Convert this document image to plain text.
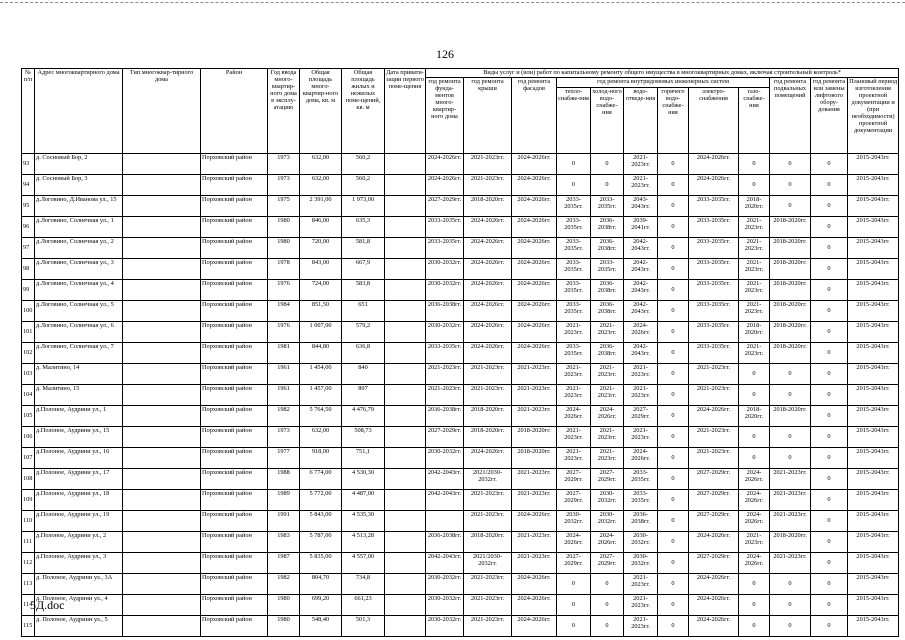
126
№ п/п	Адрес многоквартирного дома	Тип многоквар-тирного дома	Район	Год ввода много-квартир-ного дома в эксплу-атацию	Общая площадь много-квартир-ного дома, кв. м	Общая площадь жилых и нежилых поме-щений, кв. м	Дата привати-зации первого поме-щения	Виды услуг и (или) работ по капитальному ремонту общего имущества в многоквартирных домах, включая строительный контроль*											
								год ремонта фунда-ментов много-квартир-ного дома	год ремонта крыши	год ремонта фасадов	год ремонта внутридомовых инженерных систем						год ремонта подвальных помещений	год ремонта или замены лифтового обору-дования	Плановый период изготовления проектной документации и (при необходимости) проектной документации
											тепло-снабже-ния	холод-ного водо-снабже-ния	водо-отведе-ния	горячего водо-снабже-ния	электро-снабжения	газо-снабже-ния			
93	д. Сосновый Бор, 2		Порховский район	1973	632,00	560,2		2024-2026гг.	2021-2023гг.	2024-2026гг.	0	0	2021-2023гг.	0	2024-2026гг.	0	0	0	2015-2043гг.
94	д. Сосновый Бор, 3		Порховский район	1973	632,00	560,2		2024-2026гг.	2021-2023гг.	2024-2026гг.	0	0	2021-2023гг.	0	2024-2026гг.	0	0	0	2015-2043гг.
95	д.Логовино, Д.Иванова ул., 15		Порховский район	1975	2 391,00	1 973,00		2027-2029гг.	2018-2020гг.	2024-2026гг.	2033-2035гг.	2033-2035гг.	2043-2043гг.	0	2033-2035гг.	2018-2020гг.	0	0	2015-2043гг.
96	д.Логовино, Солнечная ул., 1		Порховский район	1980	846,00	635,3		2033-2035гг.	2024-2026гг.	2024-2026гг.	2033-2035гг.	2036-2038гг.	2039-2041гг.	0	2033-2035гг.	2021-2023гг.	2018-2020гг.	0	2015-2043гг.
97	д.Логовино, Солнечная ул., 2		Порховский район	1980	720,00	581,8		2033-2035гг.	2024-2026гг.	2024-2026гг.	2033-2035гг.	2036-2038гг.	2042-2043гг.	0	2033-2035гг.	2021-2023гг.	2018-2020гг.	0	2015-2043гг.
98	д.Логовино, Солнечная ул., 3		Порховский район	1978	843,00	667,9		2030-2032гг.	2024-2026гг.	2024-2026гг.	2033-2035гг.	2033-2035гг.	2042-2043гг.	0	2033-2035гг.	2021-2023гг.	2018-2020гг.	0	2015-2043гг.
99	д.Логовино, Солнечная ул., 4		Порховский район	1976	724,00	583,8		2030-2032гг.	2024-2026гг.	2024-2026гг.	2033-2035гг.	2036-2038гг.	2042-2043гг.	0	2033-2035гг.	2021-2023гг.	2018-2020гг.	0	2015-2043гг.
100	д.Логовино, Солнечная ул., 5		Порховский район	1984	851,50	651		2036-2038гг.	2024-2026гг.	2024-2026гг.	2033-2035гг.	2036-2038гг.	2042-2043гг.	0	2033-2035гг.	2021-2023гг.	2018-2020гг.	0	2015-2043гг.
101	д.Логовино, Солнечная ул., 6		Порховский район	1976	1 007,00	579,2		2030-2032гг.	2024-2026гг.	2024-2026гг.	2021-2023гг.	2021-2023гг.	2024-2026гг.	0	2033-2035гг.	2018-2020гг.	2018-2020гг.	0	2015-2043гг.
102	д.Логовино, Солнечная ул., 7		Порховский район	1981	844,80	636,8		2033-2035гг.	2024-2026гг.	2024-2026гг.	2033-2035гг.	2036-2038гг.	2042-2043гг.	0	2033-2035гг.	2021-2023гг.	2018-2020гг.	0	2015-2043гг.
103	д. Малитино, 14		Порховский район	1961	1 454,00	840		2021-2023гг.	2021-2023гг.	2021-2023гг.	2021-2023гг.	2021-2023гг.	2021-2023гг.	0	2021-2023гг.	0	0	0	2015-2043гг.
104	д. Малитино, 15		Порховский район	1961	1 457,00	897		2021-2023гг.	2021-2023гг.	2021-2023гг.	2021-2023гг.	2021-2023гг.	2021-2023гг.	0	2021-2023гг.	0	0	0	2015-2043гг.
105	д.Полоное, Аудрини ул., 1		Порховский район	1982	5 764,50	4 476,79		2036-2038гг.	2018-2020гг.	2021-2023гг.	2024-2026гг.	2024-2026гг.	2027-2029гг.	0	2024-2026гг.	2018-2020гг.	2018-2020гг.	0	2015-2043гг.
106	д.Полоное, Аудрини ул., 15		Порховский район	1973	632,00	508,73		2027-2029гг.	2018-2020гг.	2018-2020гг.	2021-2023гг.	2021-2023гг.	2021-2023гг.	0	2021-2023гг.	0	0	0	2015-2043гг.
107	д.Полоное, Аудрини ул., 16		Порховский район	1977	918,00	751,1		2030-2032гг.	2024-2026гг.	2018-2020гг.	2021-2023гг.	2021-2023гг.	2024-2026гг.	0	2021-2023гг.	0	0	0	2015-2043гг.
108	д.Полоное, Аудрини ул., 17		Порховский район	1988	6 774,00	4 530,30		2042-2043гг.	2021/2030-2032гг.	2021-2023гг.	2027-2029гг.	2027-2029гг.	2033-2035гг.	0	2027-2029гг.	2024-2026гг.	2021-2023гг.	0	2015-2043гг.
109	д.Полоное, Аудрини ул., 18		Порховский район	1989	5 772,00	4 487,00		2042-2043гг.	2021-2023гг.	2021-2023гг.	2027-2029гг.	2030-2032гг.	2033-2035гг.	0	2027-2029гг.	2024-2026гг.	2021-2023гг.	0	2015-2043гг.
110	д.Полоное, Аудрини ул., 19		Порховский район	1991	5 843,00	4 535,30			2021-2023гг.	2024-2026гг.	2030-2032гг.	2030-2032гг.	2036-2038гг.	0	2027-2029гг.	2024-2026гг.	2021-2023гг.	0	2015-2043гг.
111	д.Полоное, Аудрини ул., 2		Порховский район	1983	5 787,00	4 513,28		2036-2038гг.	2018-2020гг.	2021-2023гг.	2024-2026гг.	2024-2026гг.	2030-2032гг.	0	2024-2026гг.	2021-2023гг.	2018-2020гг.	0	2015-2043гг.
112	д.Полоное, Аудрини ул., 3		Порховский район	1987	5 835,00	4 557,00		2042-2043гг.	2021/2030-2032гг.	2021-2023гг.	2027-2029гг.	2027-2029гг.	2030-2032гг.	0	2027-2029гг.	2024-2026гг.	2021-2023гг.	0	2015-2043гг.
113	д. Полоное, Аудрини ул., 3А		Порховский район	1982	804,70	734,8		2030-2032гг.	2021-2023гг.	2024-2026гг.	0	0	2021-2023гг.	0	2024-2026гг.	0	0	0	2015-2043гг.
114	д. Полоное, Аудрини ул., 4		Порховский район	1980	699,20	661,23		2030-2032гг.	2021-2023гг.	2024-2026гг.	0	0	2021-2023гг.	0	2024-2026гг.	0	0	0	2015-2043гг.
115	д. Полоное, Аудрини ул., 5		Порховский район	1980	548,40	501,3		2030-2032гг.	2021-2023гг.	2024-2026гг.	0	0	2021-2023гг.	0	2024-2026гг.	0	0	0	2015-2043гг.
5Д.doc
